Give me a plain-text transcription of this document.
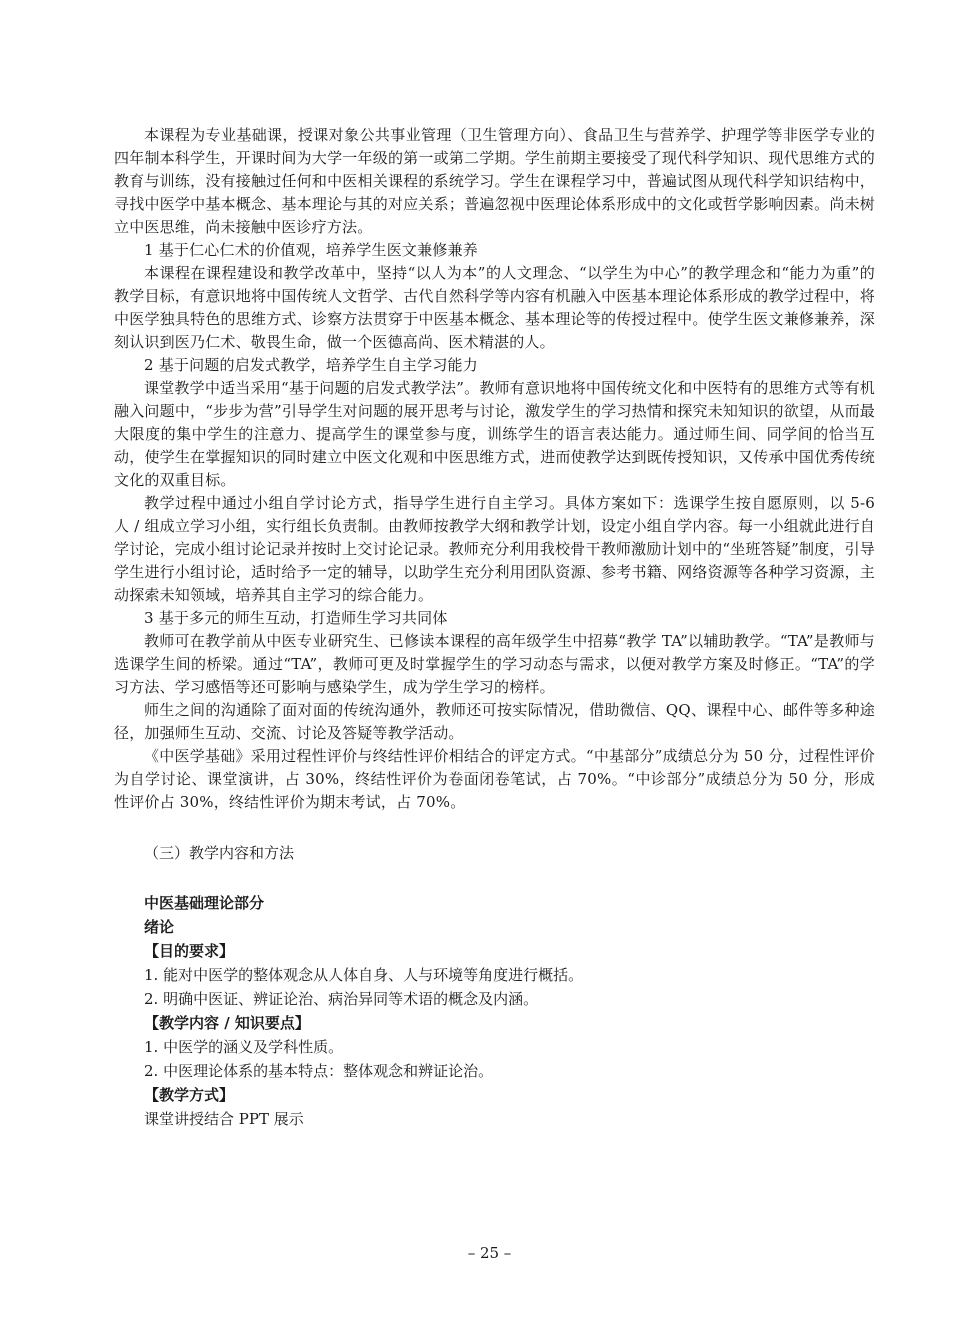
本课程为专业基础课，授课对象公共事业管理（卫生管理方向）、食品卫生与营养学、护理学等非医学专业的四年制本科学生，开课时间为大学一年级的第一或第二学期。学生前期主要接受了现代科学知识、现代思维方式的教育与训练，没有接触过任何和中医相关课程的系统学习。学生在课程学习中，普遍试图从现代科学知识结构中，寻找中医学中基本概念、基本理论与其的对应关系；普遍忽视中医理论体系形成中的文化或哲学影响因素。尚未树立中医思维，尚未接触中医诊疗方法。

1 基于仁心仁术的价值观，培养学生医文兼修兼养

本课程在课程建设和教学改革中，坚持“以人为本”的人文理念、“以学生为中心”的教学理念和“能力为重”的教学目标，有意识地将中国传统人文哲学、古代自然科学等内容有机融入中医基本理论体系形成的教学过程中，将中医学独具特色的思维方式、诊察方法贯穿于中医基本概念、基本理论等的传授过程中。使学生医文兼修兼养，深刻认识到医乃仁术、敬畏生命，做一个医德高尚、医术精湛的人。

2 基于问题的启发式教学，培养学生自主学习能力

课堂教学中适当采用“基于问题的启发式教学法”。教师有意识地将中国传统文化和中医特有的思维方式等有机融入问题中，“步步为营”引导学生对问题的展开思考与讨论，激发学生的学习热情和探究未知知识的欲望，从而最大限度的集中学生的注意力、提高学生的课堂参与度，训练学生的语言表达能力。通过师生间、同学间的恰当互动，使学生在掌握知识的同时建立中医文化观和中医思维方式，进而使教学达到既传授知识，又传承中国优秀传统文化的双重目标。

教学过程中通过小组自学讨论方式，指导学生进行自主学习。具体方案如下：选课学生按自愿原则，以 5-6 人 / 组成立学习小组，实行组长负责制。由教师按教学大纲和教学计划，设定小组自学内容。每一小组就此进行自学讨论，完成小组讨论记录并按时上交讨论记录。教师充分利用我校骨干教师激励计划中的“坐班答疑”制度，引导学生进行小组讨论，适时给予一定的辅导，以助学生充分利用团队资源、参考书籍、网络资源等各种学习资源，主动探索未知领域，培养其自主学习的综合能力。

3 基于多元的师生互动，打造师生学习共同体

教师可在教学前从中医专业研究生、已修读本课程的高年级学生中招募“教学 TA”以辅助教学。“TA”是教师与选课学生间的桥梁。通过“TA”，教师可更及时掌握学生的学习动态与需求，以便对教学方案及时修正。“TA”的学习方法、学习感悟等还可影响与感染学生，成为学生学习的榜样。

师生之间的沟通除了面对面的传统沟通外，教师还可按实际情况，借助微信、QQ、课程中心、邮件等多种途径，加强师生互动、交流、讨论及答疑等教学活动。

《中医学基础》采用过程性评价与终结性评价相结合的评定方式。“中基部分”成绩总分为 50 分，过程性评价为自学讨论、课堂演讲，占 30%，终结性评价为卷面闭卷笔试，占 70%。“中诊部分”成绩总分为 50 分，形成性评价占 30%，终结性评价为期末考试，占 70%。

（三）教学内容和方法
中医基础理论部分
绪论
【目的要求】
1. 能对中医学的整体观念从人体自身、人与环境等角度进行概括。
2. 明确中医证、辨证论治、病治异同等术语的概念及内涵。
【教学内容 / 知识要点】
1. 中医学的涵义及学科性质。
2. 中医理论体系的基本特点：整体观念和辨证论治。
【教学方式】
课堂讲授结合 PPT 展示
– 25 –
